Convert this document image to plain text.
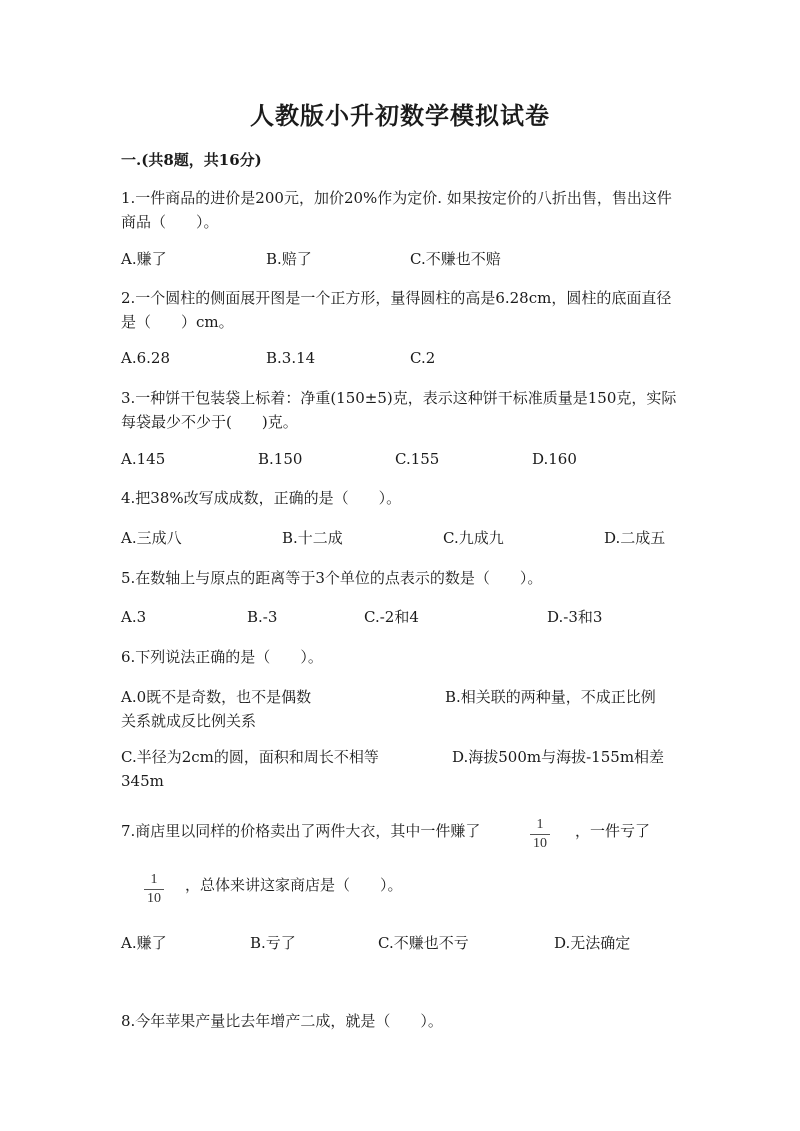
人教版小升初数学模拟试卷
一.(共8题，共16分)
1.一件商品的进价是200元，加价20%作为定价. 如果按定价的八折出售，售出这件商品（　　）。
A.赚了	B.赔了	C.不赚也不赔
2.一个圆柱的侧面展开图是一个正方形，量得圆柱的高是6.28cm，圆柱的底面直径是（　　）cm。
A.6.28	B.3.14	C.2
3.一种饼干包装袋上标着：净重(150±5)克，表示这种饼干标准质量是150克，实际每袋最少不少于(　　)克。
A.145	B.150	C.155	D.160
4.把38%改写成成数，正确的是（　　）。
A.三成八	B.十二成	C.九成九	D.二成五
5.在数轴上与原点的距离等于3个单位的点表示的数是（　　）。
A.3	B.-3	C.-2和4	D.-3和3
6.下列说法正确的是（　　）。
A.0既不是奇数，也不是偶数	B.相关联的两种量，不成正比例
关系就成反比例关系
C.半径为2cm的圆，面积和周长不相等	D.海拔500m与海拔-155m相差
345m
7.商店里以同样的价格卖出了两件大衣，其中一件赚了	1
10
，一件亏了
1
10
，总体来讲这家商店是（　　）。
A.赚了	B.亏了	C.不赚也不亏	D.无法确定
8.今年苹果产量比去年增产二成，就是（　　）。
